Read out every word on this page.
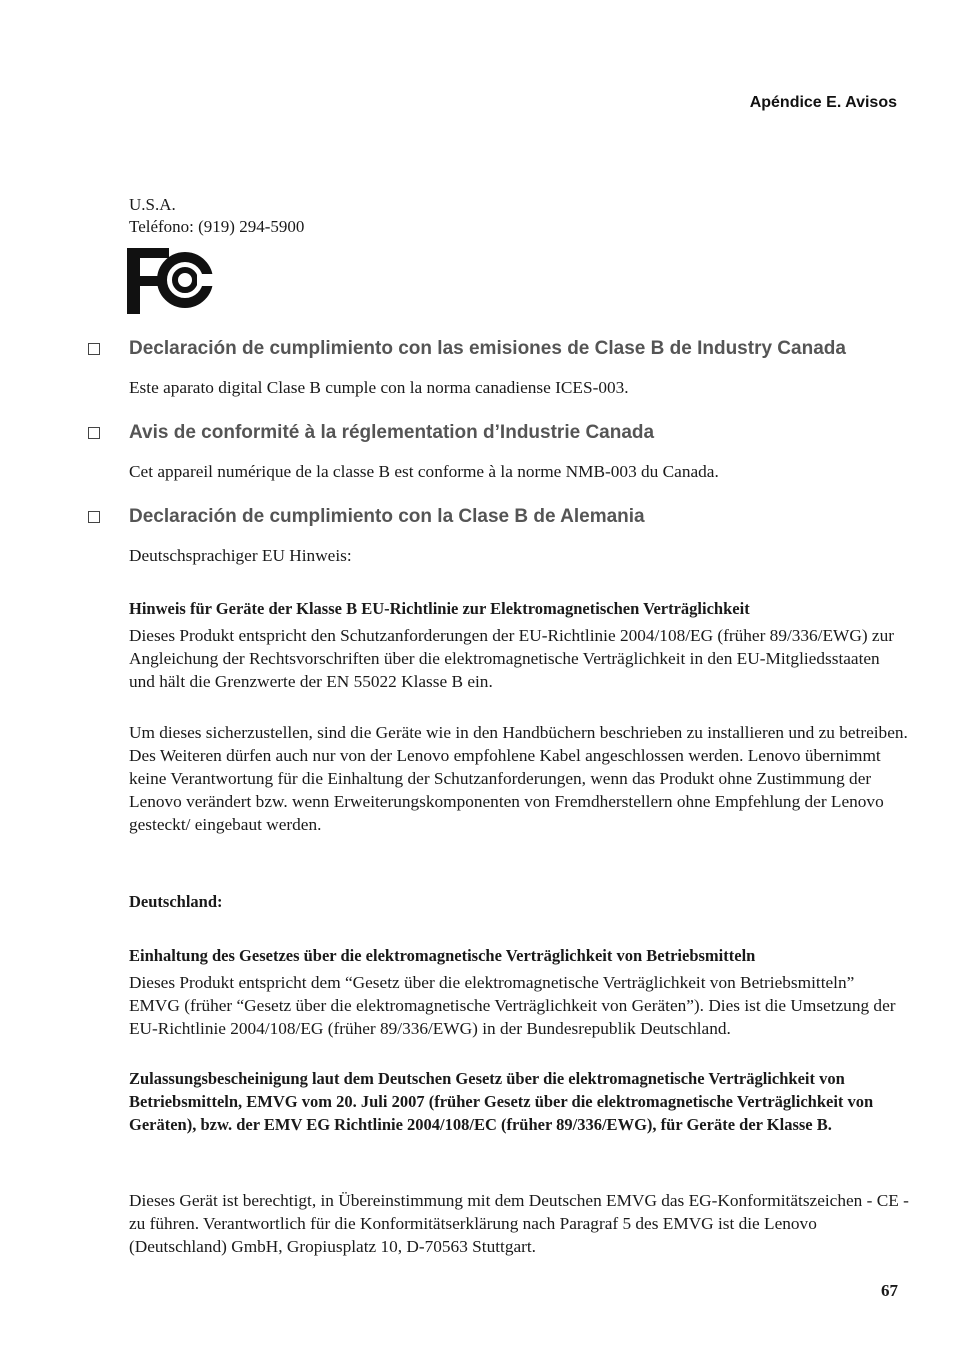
Apéndice E. Avisos
U.S.A.
Teléfono: (919) 294-5900
Declaración de cumplimiento con las emisiones de Clase B de Industry Canada
Este aparato digital Clase B cumple con la norma canadiense ICES-003.
Avis de conformité à la réglementation d’Industrie Canada
Cet appareil numérique de la classe B est conforme à la norme NMB-003 du Canada.
Declaración de cumplimiento con la Clase B de Alemania
Deutschsprachiger EU Hinweis:
Hinweis für Geräte der Klasse B EU-Richtlinie zur Elektromagnetischen Verträglichkeit
Dieses Produkt entspricht den Schutzanforderungen der EU-Richtlinie 2004/108/EG (früher 89/336/EWG) zur Angleichung der Rechtsvorschriften über die elektromagnetische Verträglichkeit in den EU-Mitgliedsstaaten und hält die Grenzwerte der EN 55022 Klasse B ein.
Um dieses sicherzustellen, sind die Geräte wie in den Handbüchern beschrieben zu installieren und zu betreiben. Des Weiteren dürfen auch nur von der Lenovo empfohlene Kabel angeschlossen werden. Lenovo übernimmt keine Verantwortung für die Einhaltung der Schutzanforderungen, wenn das Produkt ohne Zustimmung der Lenovo verändert bzw. wenn Erweiterungskomponenten von Fremdherstellern ohne Empfehlung der Lenovo gesteckt/ eingebaut werden.
Deutschland:
Einhaltung des Gesetzes über die elektromagnetische Verträglichkeit von Betriebsmitteln
Dieses Produkt entspricht dem “Gesetz über die elektromagnetische Verträglichkeit von Betriebsmitteln” EMVG (früher “Gesetz über die elektromagnetische Verträglichkeit von Geräten”). Dies ist die Umsetzung der EU-Richtlinie 2004/108/EG (früher 89/336/EWG) in der Bundesrepublik Deutschland.
Zulassungsbescheinigung laut dem Deutschen Gesetz über die elektromagnetische Verträglichkeit von Betriebsmitteln, EMVG vom 20. Juli 2007 (früher Gesetz über die elektromagnetische Verträglichkeit von Geräten), bzw. der EMV EG Richtlinie 2004/108/EC (früher 89/336/EWG), für Geräte der Klasse B.
Dieses Gerät ist berechtigt, in Übereinstimmung mit dem Deutschen EMVG das EG-Konformitätszeichen - CE - zu führen. Verantwortlich für die Konformitätserklärung nach Paragraf 5 des EMVG ist die Lenovo (Deutschland) GmbH, Gropiusplatz 10, D-70563 Stuttgart.
67
